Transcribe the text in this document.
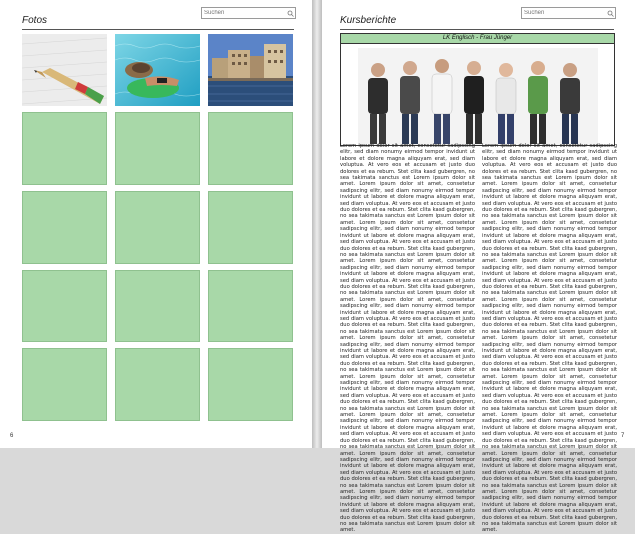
Fotos
Suchen
6
Kursberichte
Suchen
LK Englisch - Frau Jünger
Lorem ipsum dolor sit amet, consetetur sadipscing elitr, sed diam nonumy eirmod tempor invidunt ut labore et dolore magna aliquyam erat, sed diam voluptua. At vero eos et accusam et justo duo dolores et ea rebum. Stet clita kasd gubergren, no sea takimata sanctus est Lorem ipsum dolor sit amet. Lorem ipsum dolor sit amet, consetetur sadipscing elitr, sed diam nonumy eirmod tempor invidunt ut labore et dolore magna aliquyam erat, sed diam voluptua. At vero eos et accusam et justo duo dolores et ea rebum. Stet clita kasd gubergren, no sea takimata sanctus est Lorem ipsum dolor sit amet. Lorem ipsum dolor sit amet, consetetur sadipscing elitr, sed diam nonumy eirmod tempor invidunt ut labore et dolore magna aliquyam erat, sed diam voluptua. At vero eos et accusam et justo duo dolores et ea rebum. Stet clita kasd gubergren, no sea takimata sanctus est Lorem ipsum dolor sit amet. Lorem ipsum dolor sit amet, consetetur sadipscing elitr, sed diam nonumy eirmod tempor invidunt ut labore et dolore magna aliquyam erat, sed diam voluptua. At vero eos et accusam et justo duo dolores et ea rebum. Stet clita kasd gubergren, no sea takimata sanctus est Lorem ipsum dolor sit amet. Lorem ipsum dolor sit amet, consetetur sadipscing elitr, sed diam nonumy eirmod tempor invidunt ut labore et dolore magna aliquyam erat, sed diam voluptua. At vero eos et accusam et justo duo dolores et ea rebum. Stet clita kasd gubergren, no sea takimata sanctus est Lorem ipsum dolor sit amet. Lorem ipsum dolor sit amet, consetetur sadipscing elitr, sed diam nonumy eirmod tempor invidunt ut labore et dolore magna aliquyam erat, sed diam voluptua. At vero eos et accusam et justo duo dolores et ea rebum. Stet clita kasd gubergren, no sea takimata sanctus est Lorem ipsum dolor sit amet. Lorem ipsum dolor sit amet, consetetur sadipscing elitr, sed diam nonumy eirmod tempor invidunt ut labore et dolore magna aliquyam erat, sed diam voluptua. At vero eos et accusam et justo duo dolores et ea rebum. Stet clita kasd gubergren, no sea takimata sanctus est Lorem ipsum dolor sit amet. Lorem ipsum dolor sit amet, consetetur sadipscing elitr, sed diam nonumy eirmod tempor invidunt ut labore et dolore magna aliquyam erat, sed diam voluptua. At vero eos et accusam et justo duo dolores et ea rebum. Stet clita kasd gubergren, no sea takimata sanctus est Lorem ipsum dolor sit amet. Lorem ipsum dolor sit amet, consetetur sadipscing elitr, sed diam nonumy eirmod tempor invidunt ut labore et dolore magna aliquyam erat, sed diam voluptua. At vero eos et accusam et justo duo dolores et ea rebum. Stet clita kasd gubergren, no sea takimata sanctus est Lorem ipsum dolor sit amet. Lorem ipsum dolor sit amet, consetetur sadipscing elitr, sed diam nonumy eirmod tempor invidunt ut labore et dolore magna aliquyam erat, sed diam voluptua. At vero eos et accusam et justo duo dolores et ea rebum. Stet clita kasd gubergren, no sea takimata sanctus est Lorem ipsum dolor sit amet.
Lorem ipsum dolor sit amet, consetetur sadipscing elitr, sed diam nonumy eirmod tempor invidunt ut labore et dolore magna aliquyam erat, sed diam voluptua. At vero eos et accusam et justo duo dolores et ea rebum. Stet clita kasd gubergren, no sea takimata sanctus est Lorem ipsum dolor sit amet. Lorem ipsum dolor sit amet, consetetur sadipscing elitr, sed diam nonumy eirmod tempor invidunt ut labore et dolore magna aliquyam erat, sed diam voluptua. At vero eos et accusam et justo duo dolores et ea rebum. Stet clita kasd gubergren, no sea takimata sanctus est Lorem ipsum dolor sit amet. Lorem ipsum dolor sit amet, consetetur sadipscing elitr, sed diam nonumy eirmod tempor invidunt ut labore et dolore magna aliquyam erat, sed diam voluptua. At vero eos et accusam et justo duo dolores et ea rebum. Stet clita kasd gubergren, no sea takimata sanctus est Lorem ipsum dolor sit amet. Lorem ipsum dolor sit amet, consetetur sadipscing elitr, sed diam nonumy eirmod tempor invidunt ut labore et dolore magna aliquyam erat, sed diam voluptua. At vero eos et accusam et justo duo dolores et ea rebum. Stet clita kasd gubergren, no sea takimata sanctus est Lorem ipsum dolor sit amet. Lorem ipsum dolor sit amet, consetetur sadipscing elitr, sed diam nonumy eirmod tempor invidunt ut labore et dolore magna aliquyam erat, sed diam voluptua. At vero eos et accusam et justo duo dolores et ea rebum. Stet clita kasd gubergren, no sea takimata sanctus est Lorem ipsum dolor sit amet. Lorem ipsum dolor sit amet, consetetur sadipscing elitr, sed diam nonumy eirmod tempor invidunt ut labore et dolore magna aliquyam erat, sed diam voluptua. At vero eos et accusam et justo duo dolores et ea rebum. Stet clita kasd gubergren, no sea takimata sanctus est Lorem ipsum dolor sit amet. Lorem ipsum dolor sit amet, consetetur sadipscing elitr, sed diam nonumy eirmod tempor invidunt ut labore et dolore magna aliquyam erat, sed diam voluptua. At vero eos et accusam et justo duo dolores et ea rebum. Stet clita kasd gubergren, no sea takimata sanctus est Lorem ipsum dolor sit amet. Lorem ipsum dolor sit amet, consetetur sadipscing elitr, sed diam nonumy eirmod tempor invidunt ut labore et dolore magna aliquyam erat, sed diam voluptua. At vero eos et accusam et justo duo dolores et ea rebum. Stet clita kasd gubergren, no sea takimata sanctus est Lorem ipsum dolor sit amet. Lorem ipsum dolor sit amet, consetetur sadipscing elitr, sed diam nonumy eirmod tempor invidunt ut labore et dolore magna aliquyam erat, sed diam voluptua. At vero eos et accusam et justo duo dolores et ea rebum. Stet clita kasd gubergren, no sea takimata sanctus est Lorem ipsum dolor sit amet. Lorem ipsum dolor sit amet, consetetur sadipscing elitr, sed diam nonumy eirmod tempor invidunt ut labore et dolore magna aliquyam erat, sed diam voluptua. At vero eos et accusam et justo duo dolores et ea rebum. Stet clita kasd gubergren, no sea takimata sanctus est Lorem ipsum dolor sit amet.
7
